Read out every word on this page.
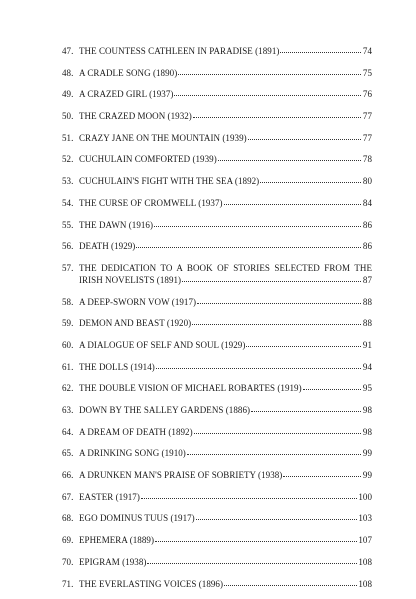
47. THE COUNTESS CATHLEEN IN PARADISE (1891)	74
48. A CRADLE SONG (1890)	75
49. A CRAZED GIRL (1937)	76
50. THE CRAZED MOON (1932)	77
51. CRAZY JANE ON THE MOUNTAIN (1939)	77
52. CUCHULAIN COMFORTED (1939)	78
53. CUCHULAIN'S FIGHT WITH THE SEA (1892)	80
54. THE CURSE OF CROMWELL (1937)	84
55. THE DAWN (1916)	86
56. DEATH (1929)	86
57. THE DEDICATION TO A BOOK OF STORIES SELECTED FROM THE
IRISH NOVELISTS (1891)	87
58. A DEEP-SWORN VOW (1917)	88
59. DEMON AND BEAST (1920)	88
60. A DIALOGUE OF SELF AND SOUL (1929)	91
61. THE DOLLS (1914)	94
62. THE DOUBLE VISION OF MICHAEL ROBARTES (1919)	95
63. DOWN BY THE SALLEY GARDENS (1886)	98
64. A DREAM OF DEATH (1892)	98
65. A DRINKING SONG (1910)	99
66. A DRUNKEN MAN'S PRAISE OF SOBRIETY (1938)	99
67. EASTER (1917)	100
68. EGO DOMINUS TUUS (1917)	103
69. EPHEMERA (1889)	107
70. EPIGRAM (1938)	108
71. THE EVERLASTING VOICES (1896)	108
